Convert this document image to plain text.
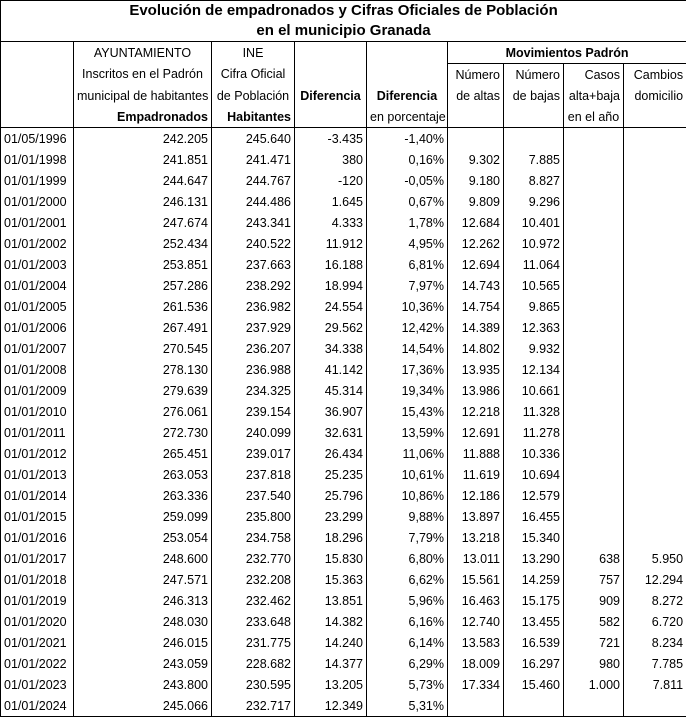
Evolución de empadronados y Cifras Oficiales de Población
en el municipio Granada								
	AYUNTAMIENTO	INE			Movimientos Padrón			
	Inscritos en el Padrón	Cifra Oficial			Número	Número	Casos	Cambios
	municipal de habitantes	de Población	Diferencia	Diferencia	de altas	de bajas	alta+baja	domicilio
	Empadronados	Habitantes		en porcentaje			en el año	
01/05/1996	242.205	245.640	-3.435	-1,40%				
01/01/1998	241.851	241.471	380	0,16%	9.302	7.885		
01/01/1999	244.647	244.767	-120	-0,05%	9.180	8.827		
01/01/2000	246.131	244.486	1.645	0,67%	9.809	9.296		
01/01/2001	247.674	243.341	4.333	1,78%	12.684	10.401		
01/01/2002	252.434	240.522	11.912	4,95%	12.262	10.972		
01/01/2003	253.851	237.663	16.188	6,81%	12.694	11.064		
01/01/2004	257.286	238.292	18.994	7,97%	14.743	10.565		
01/01/2005	261.536	236.982	24.554	10,36%	14.754	9.865		
01/01/2006	267.491	237.929	29.562	12,42%	14.389	12.363		
01/01/2007	270.545	236.207	34.338	14,54%	14.802	9.932		
01/01/2008	278.130	236.988	41.142	17,36%	13.935	12.134		
01/01/2009	279.639	234.325	45.314	19,34%	13.986	10.661		
01/01/2010	276.061	239.154	36.907	15,43%	12.218	11.328		
01/01/2011	272.730	240.099	32.631	13,59%	12.691	11.278		
01/01/2012	265.451	239.017	26.434	11,06%	11.888	10.336		
01/01/2013	263.053	237.818	25.235	10,61%	11.619	10.694		
01/01/2014	263.336	237.540	25.796	10,86%	12.186	12.579		
01/01/2015	259.099	235.800	23.299	9,88%	13.897	16.455		
01/01/2016	253.054	234.758	18.296	7,79%	13.218	15.340		
01/01/2017	248.600	232.770	15.830	6,80%	13.011	13.290	638	5.950
01/01/2018	247.571	232.208	15.363	6,62%	15.561	14.259	757	12.294
01/01/2019	246.313	232.462	13.851	5,96%	16.463	15.175	909	8.272
01/01/2020	248.030	233.648	14.382	6,16%	12.740	13.455	582	6.720
01/01/2021	246.015	231.775	14.240	6,14%	13.583	16.539	721	8.234
01/01/2022	243.059	228.682	14.377	6,29%	18.009	16.297	980	7.785
01/01/2023	243.800	230.595	13.205	5,73%	17.334	15.460	1.000	7.811
01/01/2024	245.066	232.717	12.349	5,31%				
